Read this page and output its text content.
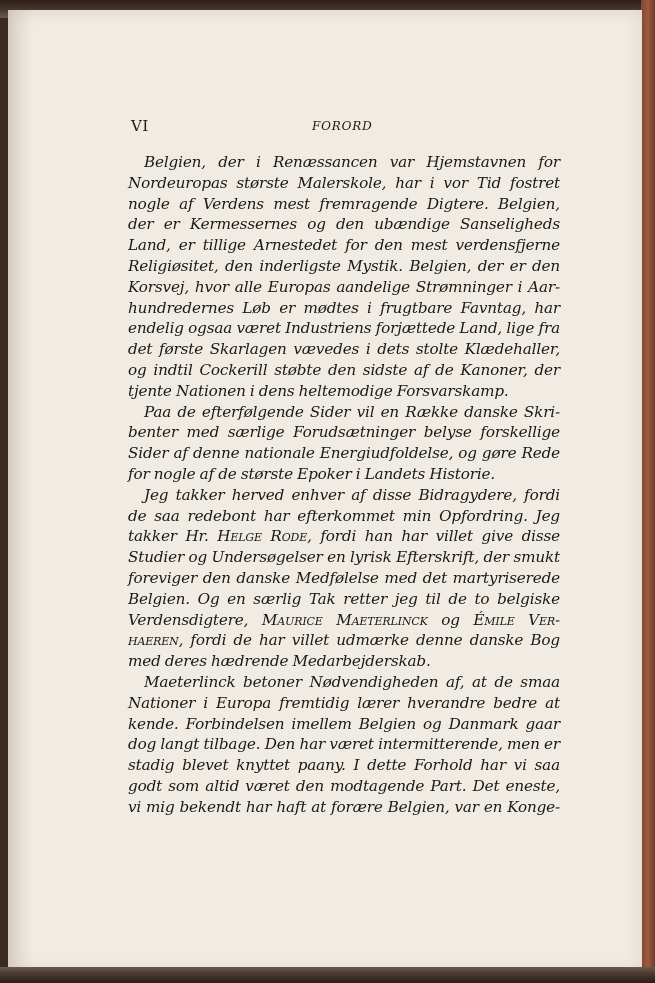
VI	FORORD
Belgien, der i Renæssancen var Hjemstavnen for
Nordeuropas største Malerskole, har i vor Tid fostret
nogle af Verdens mest fremragende Digtere. Belgien,
der er Kermessernes og den ubændige Sanseligheds
Land, er tillige Arnestedet for den mest verdensfjerne
Religiøsitet, den inderligste Mystik. Belgien, der er den
Korsvej, hvor alle Europas aandelige Strømninger i Aar-
hundredernes Løb er mødtes i frugtbare Favntag, har
endelig ogsaa været Industriens forjættede Land, lige fra
det første Skarlagen vævedes i dets stolte Klædehaller,
og indtil Cockerill støbte den sidste af de Kanoner, der
tjente Nationen i dens heltemodige Forsvarskamp.
Paa de efterfølgende Sider vil en Række danske Skri-
benter med særlige Forudsætninger belyse forskellige
Sider af denne nationale Energiudfoldelse, og gøre Rede
for nogle af de største Epoker i Landets Historie.
Jeg takker herved enhver af disse Bidragydere, fordi
de saa redebont har efterkommet min Opfordring. Jeg
takker Hr. Helge Rode, fordi han har villet give disse
Studier og Undersøgelser en lyrisk Efterskrift, der smukt
foreviger den danske Medfølelse med det martyriserede
Belgien. Og en særlig Tak retter jeg til de to belgiske
Verdensdigtere, Maurice Maeterlinck og Émile Ver-
haeren, fordi de har villet udmærke denne danske Bog
med deres hædrende Medarbejderskab.
Maeterlinck betoner Nødvendigheden af, at de smaa
Nationer i Europa fremtidig lærer hverandre bedre at
kende. Forbindelsen imellem Belgien og Danmark gaar
dog langt tilbage. Den har været intermitterende, men er
stadig blevet knyttet paany. I dette Forhold har vi saa
godt som altid været den modtagende Part. Det eneste,
vi mig bekendt har haft at forære Belgien, var en Konge-
